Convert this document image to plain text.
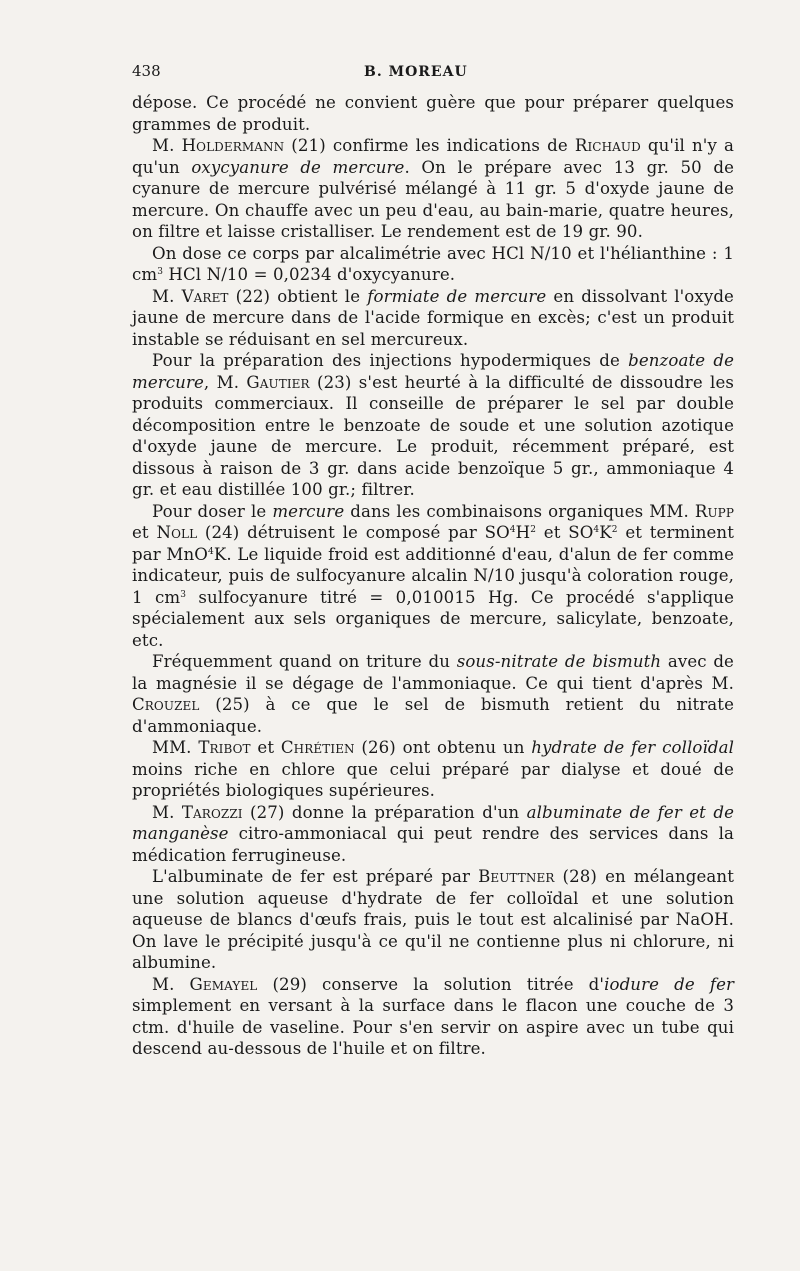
438	B. MOREAU

dépose. Ce procédé ne convient guère que pour préparer quelques grammes de produit.

M. Holdermann (21) confirme les indications de Richaud qu'il n'y a qu'un oxycyanure de mercure. On le prépare avec 13 gr. 50 de cyanure de mercure pulvérisé mélangé à 11 gr. 5 d'oxyde jaune de mercure. On chauffe avec un peu d'eau, au bain-marie, quatre heures, on filtre et laisse cristalliser. Le rendement est de 19 gr. 90.

On dose ce corps par alcalimétrie avec HCl N/10 et l'hélianthine : 1 $cm^3$ HCl N/10 = 0,0234 d'oxycyanure.

M. Varet (22) obtient le formiate de mercure en dissolvant l'oxyde jaune de mercure dans de l'acide formique en excès; c'est un produit instable se réduisant en sel mercureux.

Pour la préparation des injections hypodermiques de benzoate de mercure, M. Gautier (23) s'est heurté à la difficulté de dissoudre les produits commerciaux. Il conseille de préparer le sel par double décomposition entre le benzoate de soude et une solution azotique d'oxyde jaune de mercure. Le produit, récemment préparé, est dissous à raison de 3 gr. dans acide benzoïque 5 gr., ammoniaque 4 gr. et eau distillée 100 gr.; filtrer.

Pour doser le mercure dans les combinaisons organiques MM. Rupp et Noll (24) détruisent le composé par $SO^4H^2$ et $SO^4K^2$ et terminent par MnO$^4$K. Le liquide froid est additionné d'eau, d'alun de fer comme indicateur, puis de sulfocyanure alcalin N/10 jusqu'à coloration rouge, 1 $cm^3$ sulfocyanure titré = 0,010015 Hg. Ce procédé s'applique spécialement aux sels organiques de mercure, salicylate, benzoate, etc.

Fréquemment quand on triture du sous-nitrate de bismuth avec de la magnésie il se dégage de l'ammoniaque. Ce qui tient d'après M. Crouzel (25) à ce que le sel de bismuth retient du nitrate d'ammoniaque.

MM. Tribot et Chrétien (26) ont obtenu un hydrate de fer colloïdal moins riche en chlore que celui préparé par dialyse et doué de propriétés biologiques supérieures.

M. Tarozzi (27) donne la préparation d'un albuminate de fer et de manganèse citro-ammoniacal qui peut rendre des services dans la médication ferrugineuse.

L'albuminate de fer est préparé par Beuttner (28) en mélangeant une solution aqueuse d'hydrate de fer colloïdal et une solution aqueuse de blancs d'œufs frais, puis le tout est alcalinisé par NaOH. On lave le précipité jusqu'à ce qu'il ne contienne plus ni chlorure, ni albumine.

M. Gemayel (29) conserve la solution titrée d'iodure de fer simplement en versant à la surface dans le flacon une couche de 3 ctm. d'huile de vaseline. Pour s'en servir on aspire avec un tube qui descend au-dessous de l'huile et on filtre.
